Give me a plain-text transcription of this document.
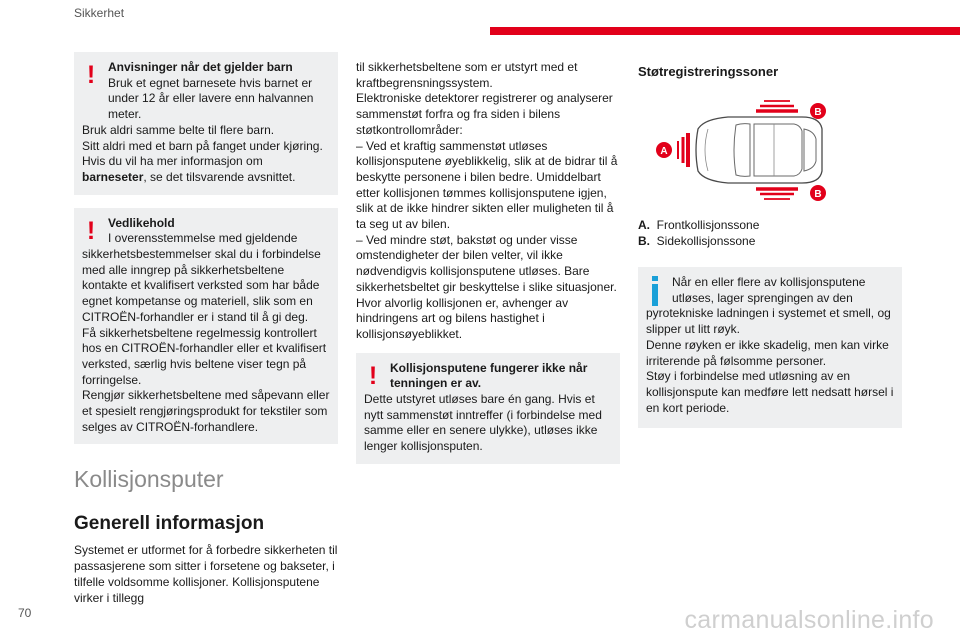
Sikkerhet
!	Anvisninger når det gjelder barn
Bruk et egnet barnesete hvis barnet er under 12 år eller lavere enn halvannen meter.

Bruk aldri samme belte til flere barn.

Sitt aldri med et barn på fanget under kjøring.

Hvis du vil ha mer informasjon om barneseter, se det tilsvarende avsnittet.

!	Vedlikehold

I overensstemmelse med gjeldende sikkerhetsbestemmelser skal du i forbindelse med alle inngrep på sikkerhetsbeltene kontakte et kvalifisert verksted som har både egnet kompetanse og materiell, slik som en CITROËN-forhandler er i stand til å gi deg.

Få sikkerhetsbeltene regelmessig kontrollert hos en CITROËN-forhandler eller et kvalifisert verksted, særlig hvis beltene viser tegn på forringelse.

Rengjør sikkerhetsbeltene med såpevann eller et spesielt rengjøringsprodukt for tekstiler som selges av CITROËN-forhandlere.

Kollisjonsputer
Generell informasjon

Systemet er utformet for å forbedre sikkerheten til passasjerene som sitter i forsetene og bakseter, i tilfelle voldsomme kollisjoner. Kollisjonsputene virker i tillegg

til sikkerhetsbeltene som er utstyrt med et kraftbegrensningssystem.

Elektroniske detektorer registrerer og analyserer sammenstøt forfra og fra siden i bilens støtkontrollområder:

– Ved et kraftig sammenstøt utløses kollisjonsputene øyeblikkelig, slik at de bidrar til å beskytte personene i bilen bedre. Umiddelbart etter kollisjonen tømmes kollisjonsputene igjen, slik at de ikke hindrer sikten eller muligheten til å ta seg ut av bilen.

– Ved mindre støt, bakstøt og under visse omstendigheter der bilen velter, vil ikke nødvendigvis kollisjonsputene utløses. Bare sikkerhetsbeltet gir beskyttelse i slike situasjoner.

Hvor alvorlig kollisjonen er, avhenger av hindringens art og bilens hastighet i kollisjonsøyeblikket.

!	Kollisjonsputene fungerer ikke når tenningen er av.

Dette utstyret utløses bare én gang. Hvis et nytt sammenstøt inntreffer (i forbindelse med samme eller en senere ulykke), utløses ikke lenger kollisjonsputen.

Støtregistreringssoner
A
B
B
A. Frontkollisjonssone
B. Sidekollisjonssone

Når en eller flere av kollisjonsputene utløses, lager sprengingen av den pyrotekniske ladningen i systemet et smell, og slipper ut litt røyk.

Denne røyken er ikke skadelig, men kan virke irriterende på følsomme personer.

Støy i forbindelse med utløsning av en kollisjonspute kan medføre lett nedsatt hørsel i en kort periode.

70	carmanualsonline.info
